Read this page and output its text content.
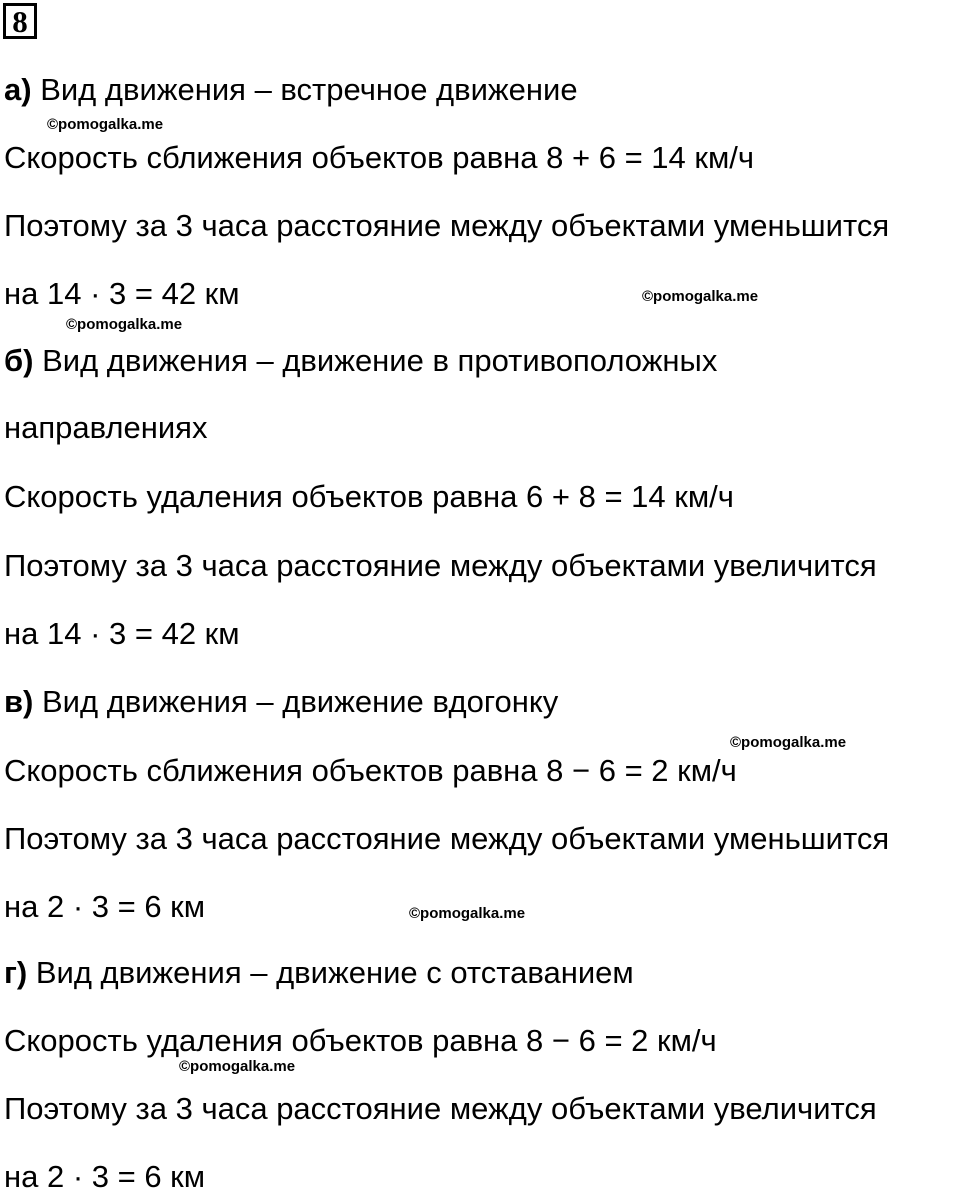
8
а) Вид движения – встречное движение
Скорость сближения объектов равна 8 + 6 = 14 км/ч
Поэтому за 3 часа расстояние между объектами уменьшится
на 14 · 3 = 42 км
б) Вид движения – движение в противоположных
направлениях
Скорость удаления объектов равна 6 + 8 = 14 км/ч
Поэтому за 3 часа расстояние между объектами увеличится
на 14 · 3 = 42 км
в) Вид движения – движение вдогонку
Скорость сближения объектов равна 8 − 6 = 2 км/ч
Поэтому за 3 часа расстояние между объектами уменьшится
на 2 · 3 = 6 км
г) Вид движения – движение с отставанием
Скорость удаления объектов равна 8 − 6 = 2 км/ч
Поэтому за 3 часа расстояние между объектами увеличится
на 2 · 3 = 6 км
©pomogalka.me
©pomogalka.me
©pomogalka.me
©pomogalka.me
©pomogalka.me
©pomogalka.me
